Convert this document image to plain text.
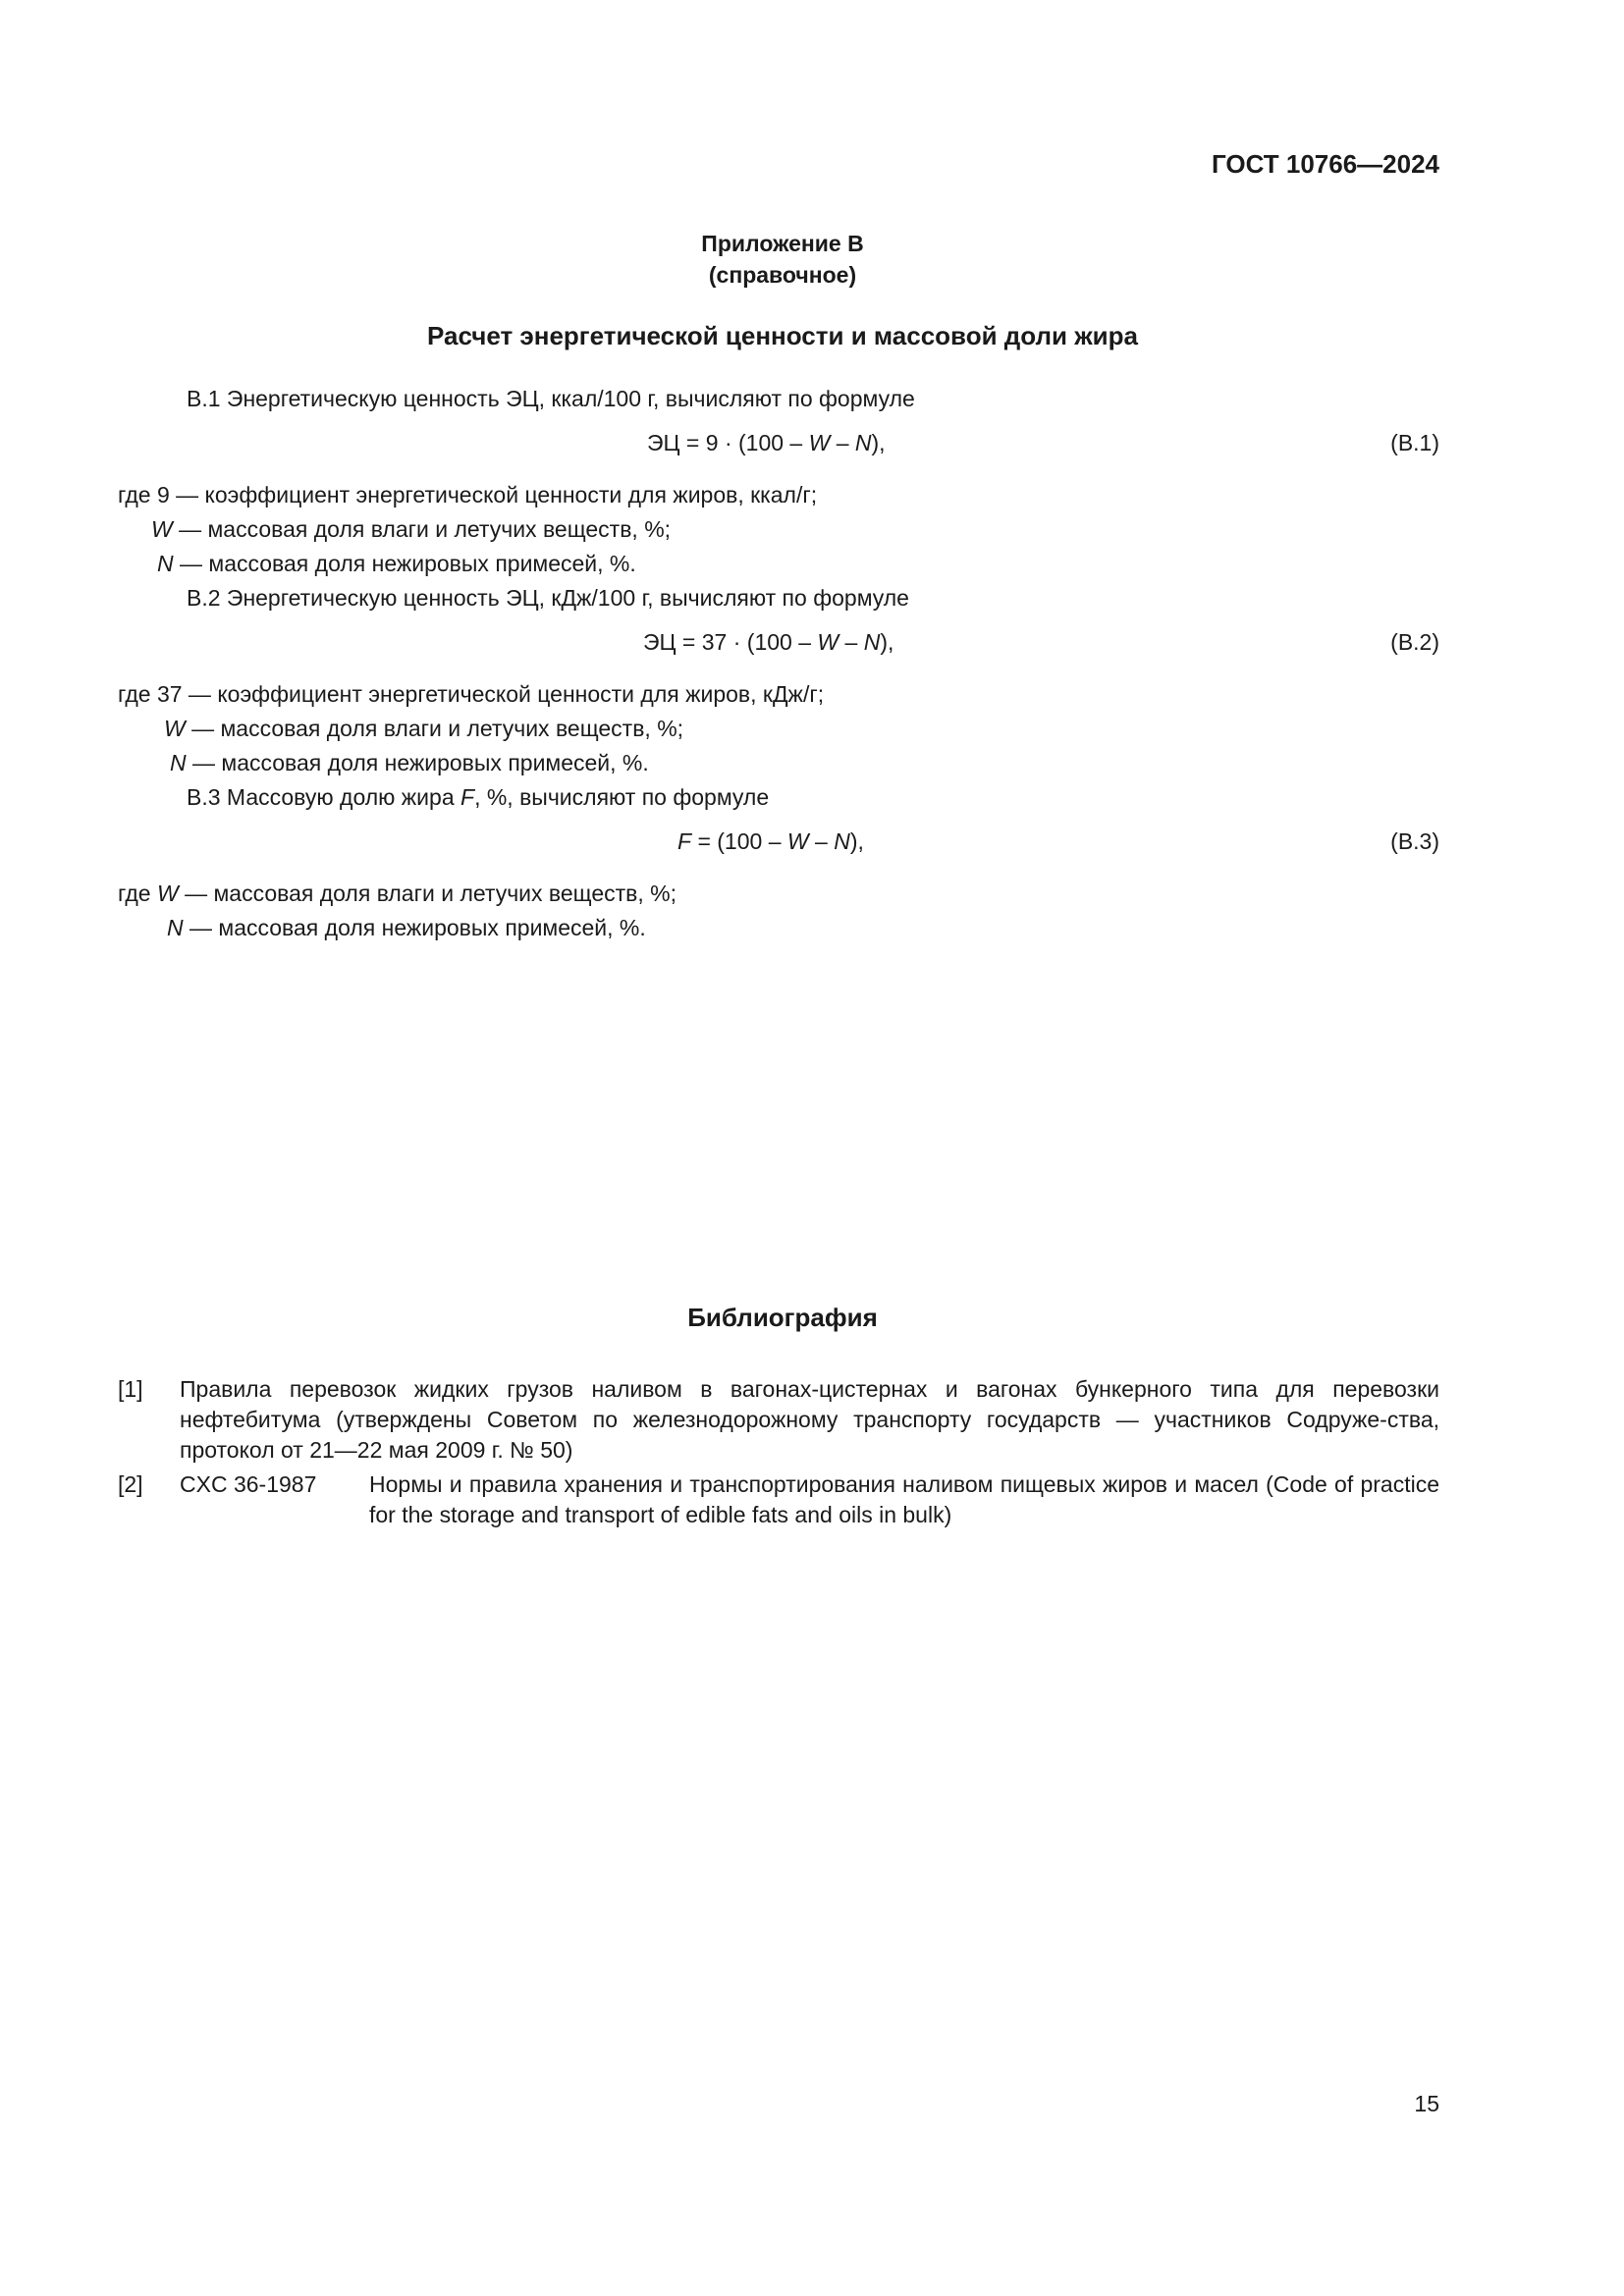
ГОСТ 10766—2024
Приложение В
(справочное)
Расчет энергетической ценности и массовой доли жира
В.1 Энергетическую ценность ЭЦ, ккал/100 г, вычисляют по формуле
ЭЦ = 9 · (100 – W – N),	(В.1)
где 9 — коэффициент энергетической ценности для жиров, ккал/г;
W — массовая доля влаги и летучих веществ, %;
N — массовая доля нежировых примесей, %.
В.2 Энергетическую ценность ЭЦ, кДж/100 г, вычисляют по формуле
ЭЦ = 37 · (100 – W – N),	(В.2)
где 37 — коэффициент энергетической ценности для жиров, кДж/г;
W — массовая доля влаги и летучих веществ, %;
N — массовая доля нежировых примесей, %.
В.3 Массовую долю жира F, %, вычисляют по формуле
F = (100 – W – N),	(В.3)
где W — массовая доля влаги и летучих веществ, %;
N — массовая доля нежировых примесей, %.
Библиография
[1] Правила перевозок жидких грузов наливом в вагонах-цистернах и вагонах бункерного типа для перевозки нефтебитума (утверждены Советом по железнодорожному транспорту государств — участников Содруже-ства, протокол от 21—22 мая 2009 г. № 50)
[2] CXC 36-1987 Нормы и правила хранения и транспортирования наливом пищевых жиров и масел (Code of practice for the storage and transport of edible fats and oils in bulk)
15
